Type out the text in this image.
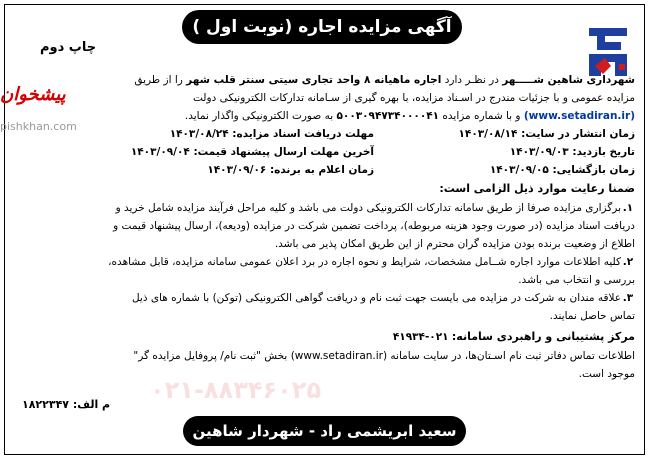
آگهی مزایده اجاره (نوبت اول )
چاپ دوم
پیشخوان
pishkhan.com
۰۲۱-۸۸۳۴۶۰۲۵
شهرداری شاهین شـــــهر در نظـر دارد اجاره ماهیانه ۸ واحد تجاری سیتی سنتر قلب شهر را از طریق
مزایده عمومی و با جزئیات مندرج در اسـناد مزایده، با بهره گیری از سـامانه تدارکات الکترونیکی دولت
(www.setadiran.ir) و با شماره مزایده ۵۰۰۳۰۹۴۷۳۴۰۰۰۰۴۱ به صورت الکترونیکی واگذار نماید.
زمان انتشار در سایت: ۱۴۰۳/۰۸/۱۴
مهلت دریافت اسناد مزایده: ۱۴۰۳/۰۸/۲۴
تاریخ بازدید: ۱۴۰۳/۰۹/۰۳
آخرین مهلت ارسال پیشنهاد قیمت: ۱۴۰۳/۰۹/۰۴
زمان بازگشایی: ۱۴۰۳/۰۹/۰۵
زمان اعلام به برنده: ۱۴۰۳/۰۹/۰۶
ضمنا رعایت موارد ذیل الزامی است:
۱.برگزاری مزایده صرفا از طریق سامانه تدارکات الکترونیکی دولت می باشد و کلیه مراحل فرآیند مزایده شامل خرید و
دریافت اسناد مزایده (در صورت وجود هزینه مربوطه)، پرداخت تضمین شرکت در مزایده (ودیعه)، ارسال پیشنهاد قیمت و
اطلاع از وضعیت برنده بودن مزایده گران محترم از این طریق امکان پذیر می باشد.
۲.کلیه اطلاعات موارد اجاره شــامل مشخصات، شرایط و نحوه اجاره در برد اعلان عمومی سامانه مزایده، قابل مشاهده،
بررسی و انتخاب می باشد.
۳.علاقه مندان به شرکت در مزایده می بایست جهت ثبت نام و دریافت گواهی الکترونیکی (توکن) با شماره های ذیل
تماس حاصل نمایند.
مرکز پشتیبانی و راهبردی سامانه: ۰۲۱-۴۱۹۳۴
اطلاعات تماس دفاتر ثبت نام اسـتان‌ها، در سایت سامانه (www.setadiran.ir) بخش "ثبت نام/ پروفایل مزایده گر"
موجود است.
م الف: ۱۸۲۲۳۴۷
سعید ابریشمی راد - شهردار شاهین شهر
